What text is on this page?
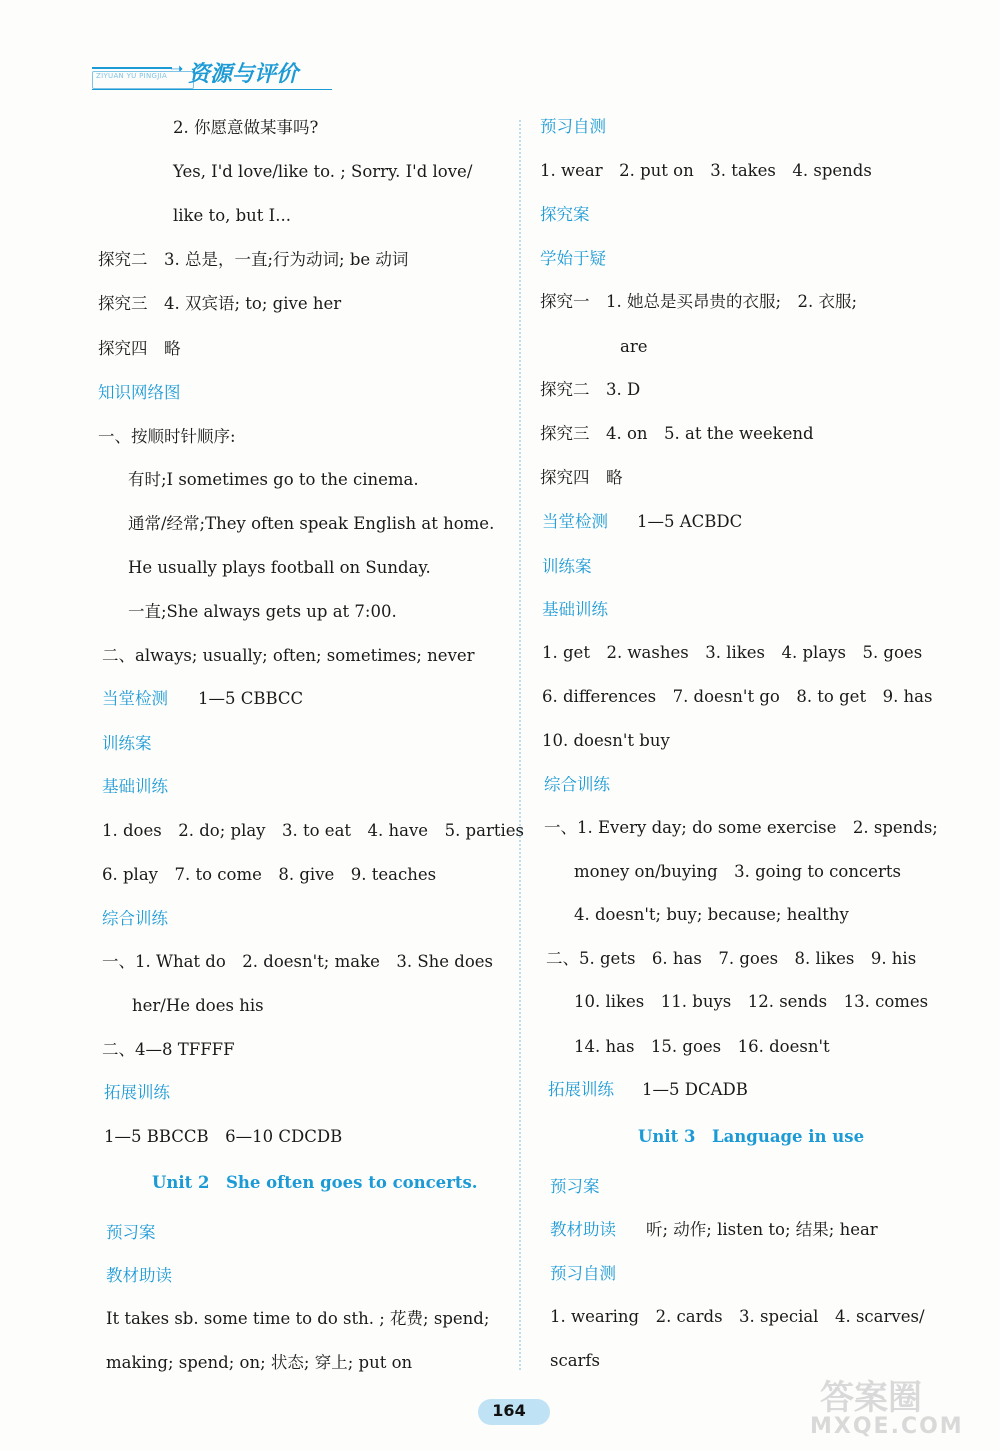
➝
ZIYUAN YU PINGJIA 资源与评价
2. 你愿意做某事吗?
Yes, I'd love/like to. ; Sorry. I'd love/
like to, but I...
探究二　3. 总是，一直;行为动词; be 动词
探究三　4. 双宾语; to; give her
探究四　略
知识网络图
一、按顺时针顺序:
有时;I sometimes go to the cinema.
通常/经常;They often speak English at home.
He usually plays football on Sunday.
一直;She always gets up at 7:00.
二、always; usually; often; sometimes; never
当堂检测 1—5 CBBCC
训练案
基础训练
1. does　2. do; play　3. to eat　4. have　5. parties
6. play　7. to come　8. give　9. teaches
综合训练
一、1. What do　2. doesn't; make　3. She does
her/He does his
二、4—8 TFFFF
拓展训练
1—5 BBCCB　6—10 CDCDB
Unit 2　She often goes to concerts.
预习案
教材助读
It takes sb. some time to do sth. ; 花费; spend;
making; spend; on; 状态; 穿上; put on
预习自测
1. wear　2. put on　3. takes　4. spends
探究案
学始于疑
探究一　1. 她总是买昂贵的衣服;　2. 衣服;
are
探究二　3. D
探究三　4. on　5. at the weekend
探究四　略
当堂检测 1—5 ACBDC
训练案
基础训练
1. get　2. washes　3. likes　4. plays　5. goes
6. differences　7. doesn't go　8. to get　9. has
10. doesn't buy
综合训练
一、1. Every day; do some exercise　2. spends;
money on/buying　3. going to concerts
4. doesn't; buy; because; healthy
二、5. gets　6. has　7. goes　8. likes　9. his
10. likes　11. buys　12. sends　13. comes
14. has　15. goes　16. doesn't
拓展训练 1—5 DCADB
Unit 3　Language in use
预习案
教材助读 听; 动作; listen to; 结果; hear
预习自测
1. wearing　2. cards　3. special　4. scarves/
scarfs
164	答案圈
MXQE.COM
